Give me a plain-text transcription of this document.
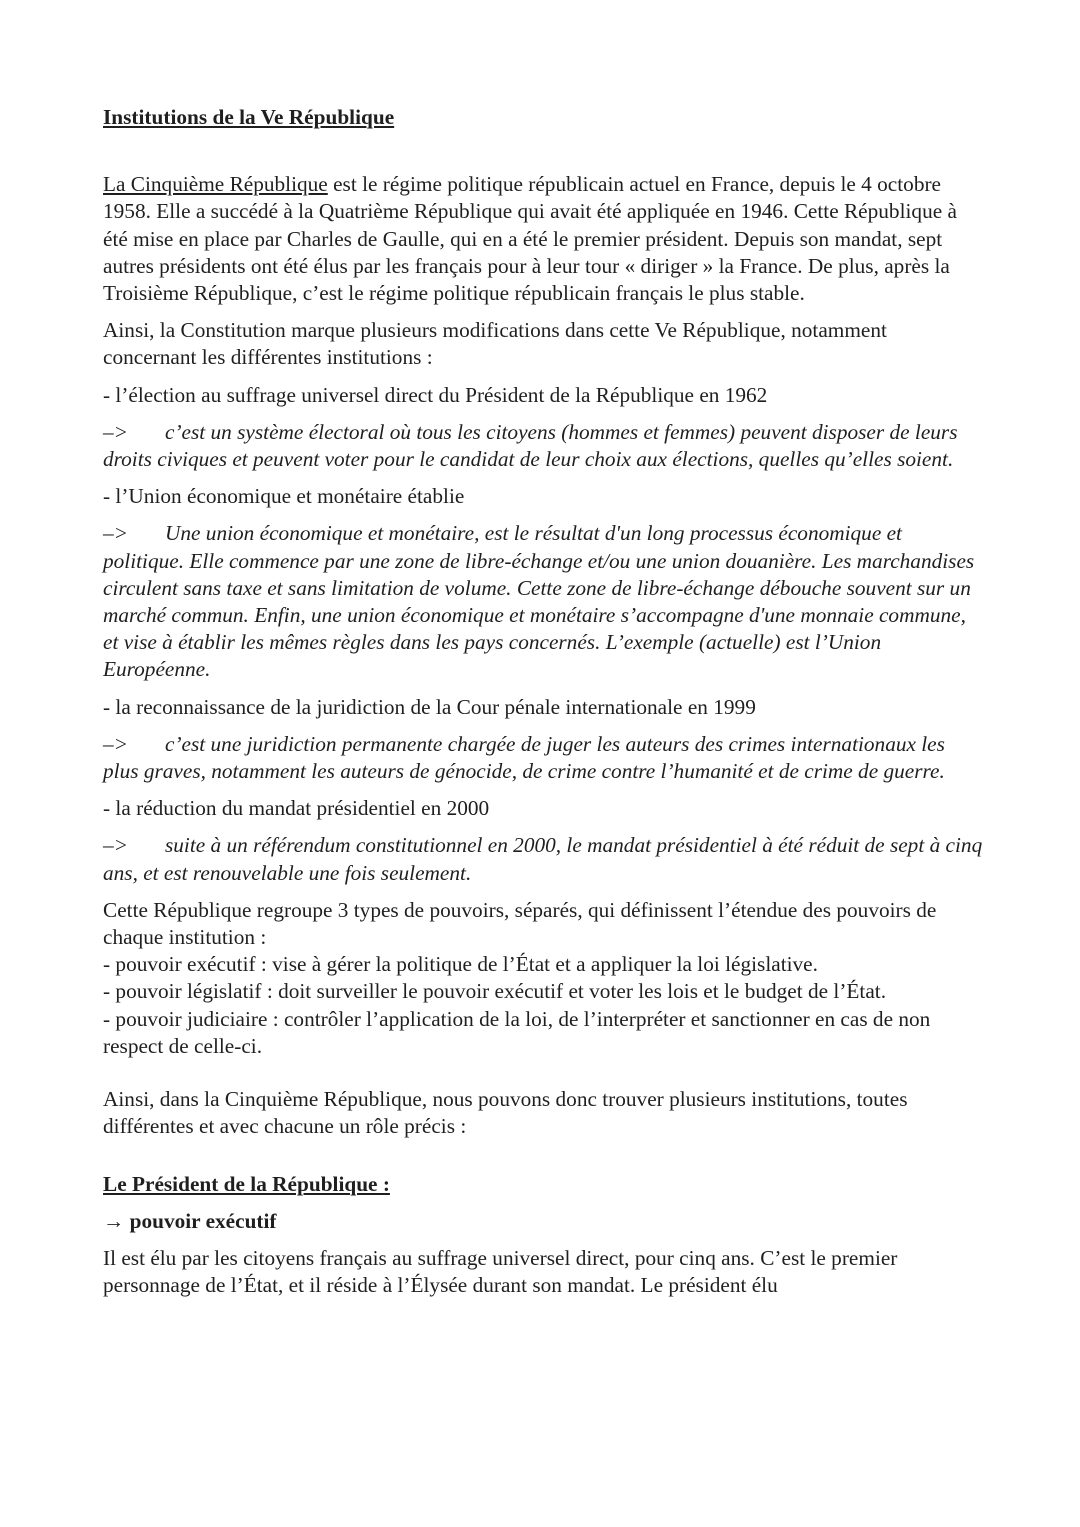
Institutions de la Ve République

La Cinquième République est le régime politique républicain actuel en France, depuis le 4 octobre 1958. Elle a succédé à la Quatrième République qui avait été appliquée en 1946. Cette République à été mise en place par Charles de Gaulle, qui en a été le premier président. Depuis son mandat, sept autres présidents ont été élus par les français pour à leur tour « diriger » la France. De plus, après la Troisième République, c’est le régime politique républicain français le plus stable.

Ainsi, la Constitution marque plusieurs modifications dans cette Ve République, notamment concernant les différentes institutions :

- l’élection au suffrage universel direct du Président de la République en 1962

–> c’est un système électoral où tous les citoyens (hommes et femmes) peuvent disposer de leurs droits civiques et peuvent voter pour le candidat de leur choix aux élections, quelles qu’elles soient.

- l’Union économique et monétaire établie

–> Une union économique et monétaire, est le résultat d'un long processus économique et politique. Elle commence par une zone de libre-échange et/ou une union douanière. Les marchandises circulent sans taxe et sans limitation de volume. Cette zone de libre-échange débouche souvent sur un marché commun. Enfin, une union économique et monétaire s’accompagne d'une monnaie commune, et vise à établir les mêmes règles dans les pays concernés. L’exemple (actuelle) est l’Union Européenne.

- la reconnaissance de la juridiction de la Cour pénale internationale en 1999

–> c’est une juridiction permanente chargée de juger les auteurs des crimes internationaux les plus graves, notamment les auteurs de génocide, de crime contre l’humanité et de crime de guerre.

- la réduction du mandat présidentiel en 2000

–> suite à un référendum constitutionnel en 2000, le mandat présidentiel à été réduit de sept à cinq ans, et est renouvelable une fois seulement.

Cette République regroupe 3 types de pouvoirs, séparés, qui définissent l’étendue des pouvoirs de chaque institution :
- pouvoir exécutif : vise à gérer la politique de l’État et a appliquer la loi législative.
- pouvoir législatif : doit surveiller le pouvoir exécutif et voter les lois et le budget de l’État.
- pouvoir judiciaire : contrôler l’application de la loi, de l’interpréter et sanctionner en cas de non respect de celle-ci.

Ainsi, dans la Cinquième République, nous pouvons donc trouver plusieurs institutions, toutes différentes et avec chacune un rôle précis :

Le Président de la République :
→ pouvoir exécutif

Il est élu par les citoyens français au suffrage universel direct, pour cinq ans. C’est le premier personnage de l’État, et il réside à l’Élysée durant son mandat. Le président élu
